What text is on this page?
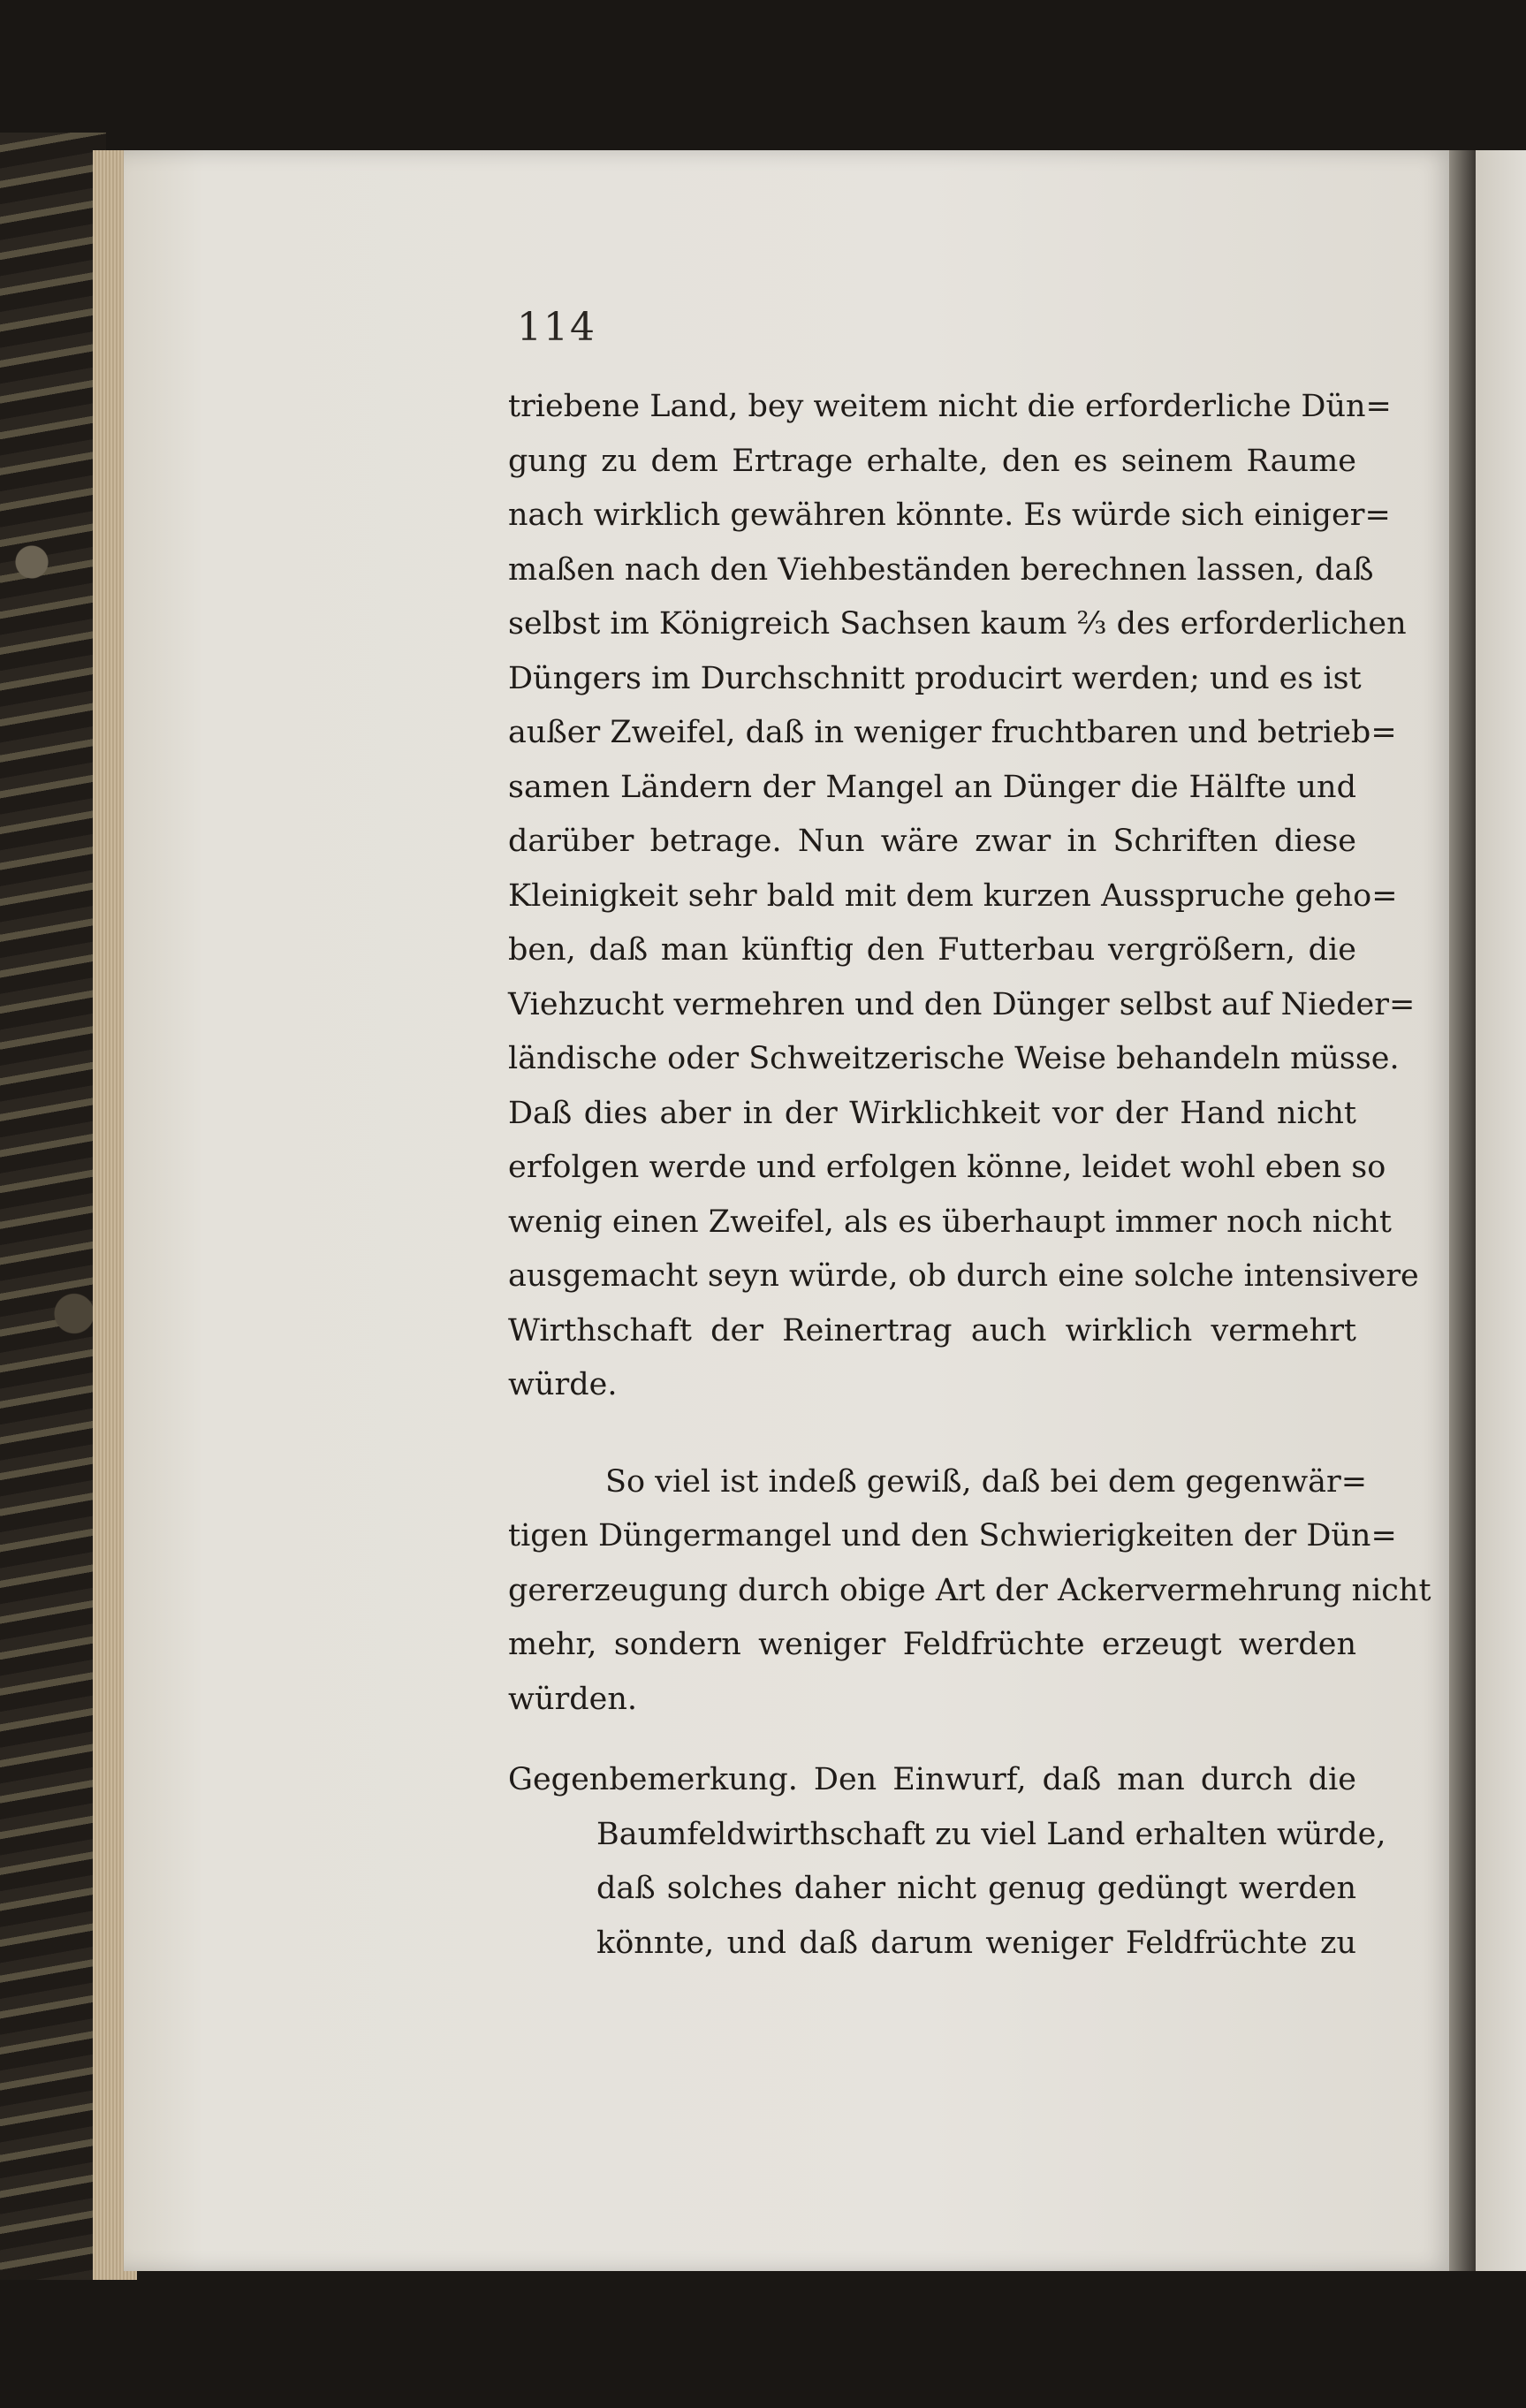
114
triebene Land, bey weitem nicht die erforderliche Dün=
gung zu dem Ertrage erhalte, den es seinem Raume
nach wirklich gewähren könnte. Es würde sich einiger=
maßen nach den Viehbeständen berechnen lassen, daß
selbst im Königreich Sachsen kaum ⅔ des erforderlichen
Düngers im Durchschnitt producirt werden; und es ist
außer Zweifel, daß in weniger fruchtbaren und betrieb=
samen Ländern der Mangel an Dünger die Hälfte und
darüber betrage. Nun wäre zwar in Schriften diese
Kleinigkeit sehr bald mit dem kurzen Ausspruche geho=
ben, daß man künftig den Futterbau vergrößern, die
Viehzucht vermehren und den Dünger selbst auf Nieder=
ländische oder Schweitzerische Weise behandeln müsse.
Daß dies aber in der Wirklichkeit vor der Hand nicht
erfolgen werde und erfolgen könne, leidet wohl eben so
wenig einen Zweifel, als es überhaupt immer noch nicht
ausgemacht seyn würde, ob durch eine solche intensivere
Wirthschaft der Reinertrag auch wirklich vermehrt
würde.
So viel ist indeß gewiß, daß bei dem gegenwär=
tigen Düngermangel und den Schwierigkeiten der Dün=
gererzeugung durch obige Art der Ackervermehrung nicht
mehr, sondern weniger Feldfrüchte erzeugt werden
würden.
Gegenbemerkung. Den Einwurf, daß man durch die
Baumfeldwirthschaft zu viel Land erhalten würde,
daß solches daher nicht genug gedüngt werden
könnte, und daß darum weniger Feldfrüchte zu
